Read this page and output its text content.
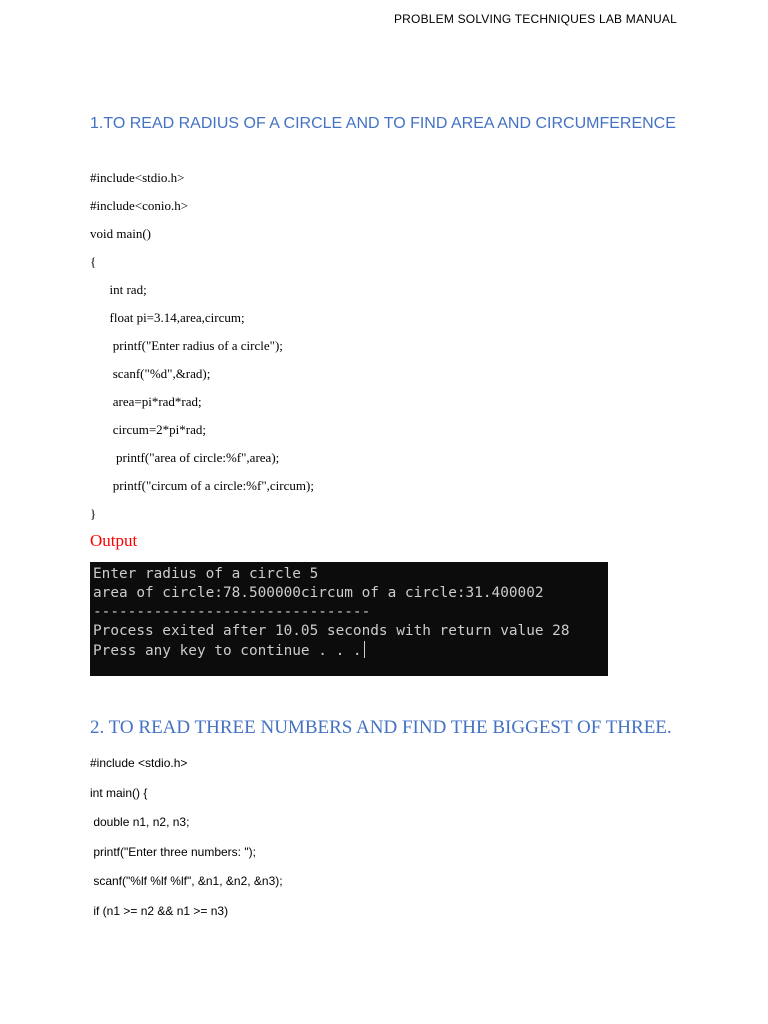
PROBLEM SOLVING TECHNIQUES LAB MANUAL
1.TO READ RADIUS OF A CIRCLE AND TO FIND AREA AND CIRCUMFERENCE
#include<stdio.h>
#include<conio.h>
void main()
{
int rad;
float pi=3.14,area,circum;
printf("Enter radius of a circle");
scanf("%d",&rad);
area=pi*rad*rad;
circum=2*pi*rad;
printf("area of circle:%f",area);
printf("circum of a circle:%f",circum);
}
Output
Enter radius of a circle 5
area of circle:78.500000circum of a circle:31.400002
--------------------------------
Process exited after 10.05 seconds with return value 28
Press any key to continue . . .
2. TO READ THREE NUMBERS AND FIND THE BIGGEST OF THREE.
#include <stdio.h>
int main() {
double n1, n2, n3;
printf("Enter three numbers: ");
scanf("%lf %lf %lf", &n1, &n2, &n3);
if (n1 >= n2 && n1 >= n3)
